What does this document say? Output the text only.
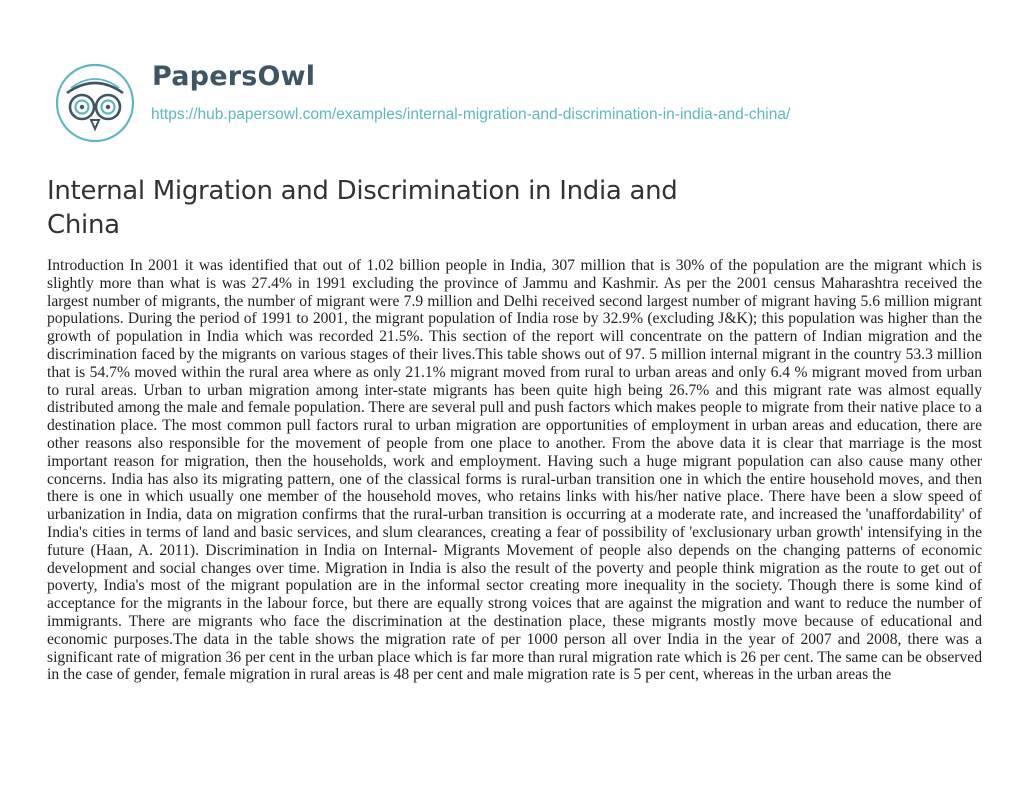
PapersOwl
https://hub.papersowl.com/examples/internal-migration-and-discrimination-in-india-and-china/
Internal Migration and Discrimination in India and China

Introduction In 2001 it was identified that out of 1.02 billion people in India, 307 million that is 30% of the population are the migrant which is slightly more than what is was 27.4% in 1991 excluding the province of Jammu and Kashmir. As per the 2001 census Maharashtra received the largest number of migrants, the number of migrant were 7.9 million and Delhi received second largest number of migrant having 5.6 million migrant populations. During the period of 1991 to 2001, the migrant population of India rose by 32.9% (excluding J&K); this population was higher than the growth of population in India which was recorded 21.5%. This section of the report will concentrate on the pattern of Indian migration and the discrimination faced by the migrants on various stages of their lives.This table shows out of 97. 5 million internal migrant in the country 53.3 million that is 54.7% moved within the rural area where as only 21.1% migrant moved from rural to urban areas and only 6.4 % migrant moved from urban to rural areas. Urban to urban migration among inter-state migrants has been quite high being 26.7% and this migrant rate was almost equally distributed among the male and female population. There are several pull and push factors which makes people to migrate from their native place to a destination place. The most common pull factors rural to urban migration are opportunities of employment in urban areas and education, there are other reasons also responsible for the movement of people from one place to another. From the above data it is clear that marriage is the most important reason for migration, then the households, work and employment. Having such a huge migrant population can also cause many other concerns. India has also its migrating pattern, one of the classical forms is rural-urban transition one in which the entire household moves, and then there is one in which usually one member of the household moves, who retains links with his/her native place. There have been a slow speed of urbanization in India, data on migration confirms that the rural-urban transition is occurring at a moderate rate, and increased the 'unaffordability' of India's cities in terms of land and basic services, and slum clearances, creating a fear of possibility of 'exclusionary urban growth' intensifying in the future (Haan, A. 2011). Discrimination in India on Internal- Migrants Movement of people also depends on the changing patterns of economic development and social changes over time. Migration in India is also the result of the poverty and people think migration as the route to get out of poverty, India's most of the migrant population are in the informal sector creating more inequality in the society. Though there is some kind of acceptance for the migrants in the labour force, but there are equally strong voices that are against the migration and want to reduce the number of immigrants. There are migrants who face the discrimination at the destination place, these migrants mostly move because of educational and economic purposes.The data in the table shows the migration rate of per 1000 person all over India in the year of 2007 and 2008, there was a significant rate of migration 36 per cent in the urban place which is far more than rural migration rate which is 26 per cent. The same can be observed in the case of gender, female migration in rural areas is 48 per cent and male migration rate is 5 per cent, whereas in the urban areas the
